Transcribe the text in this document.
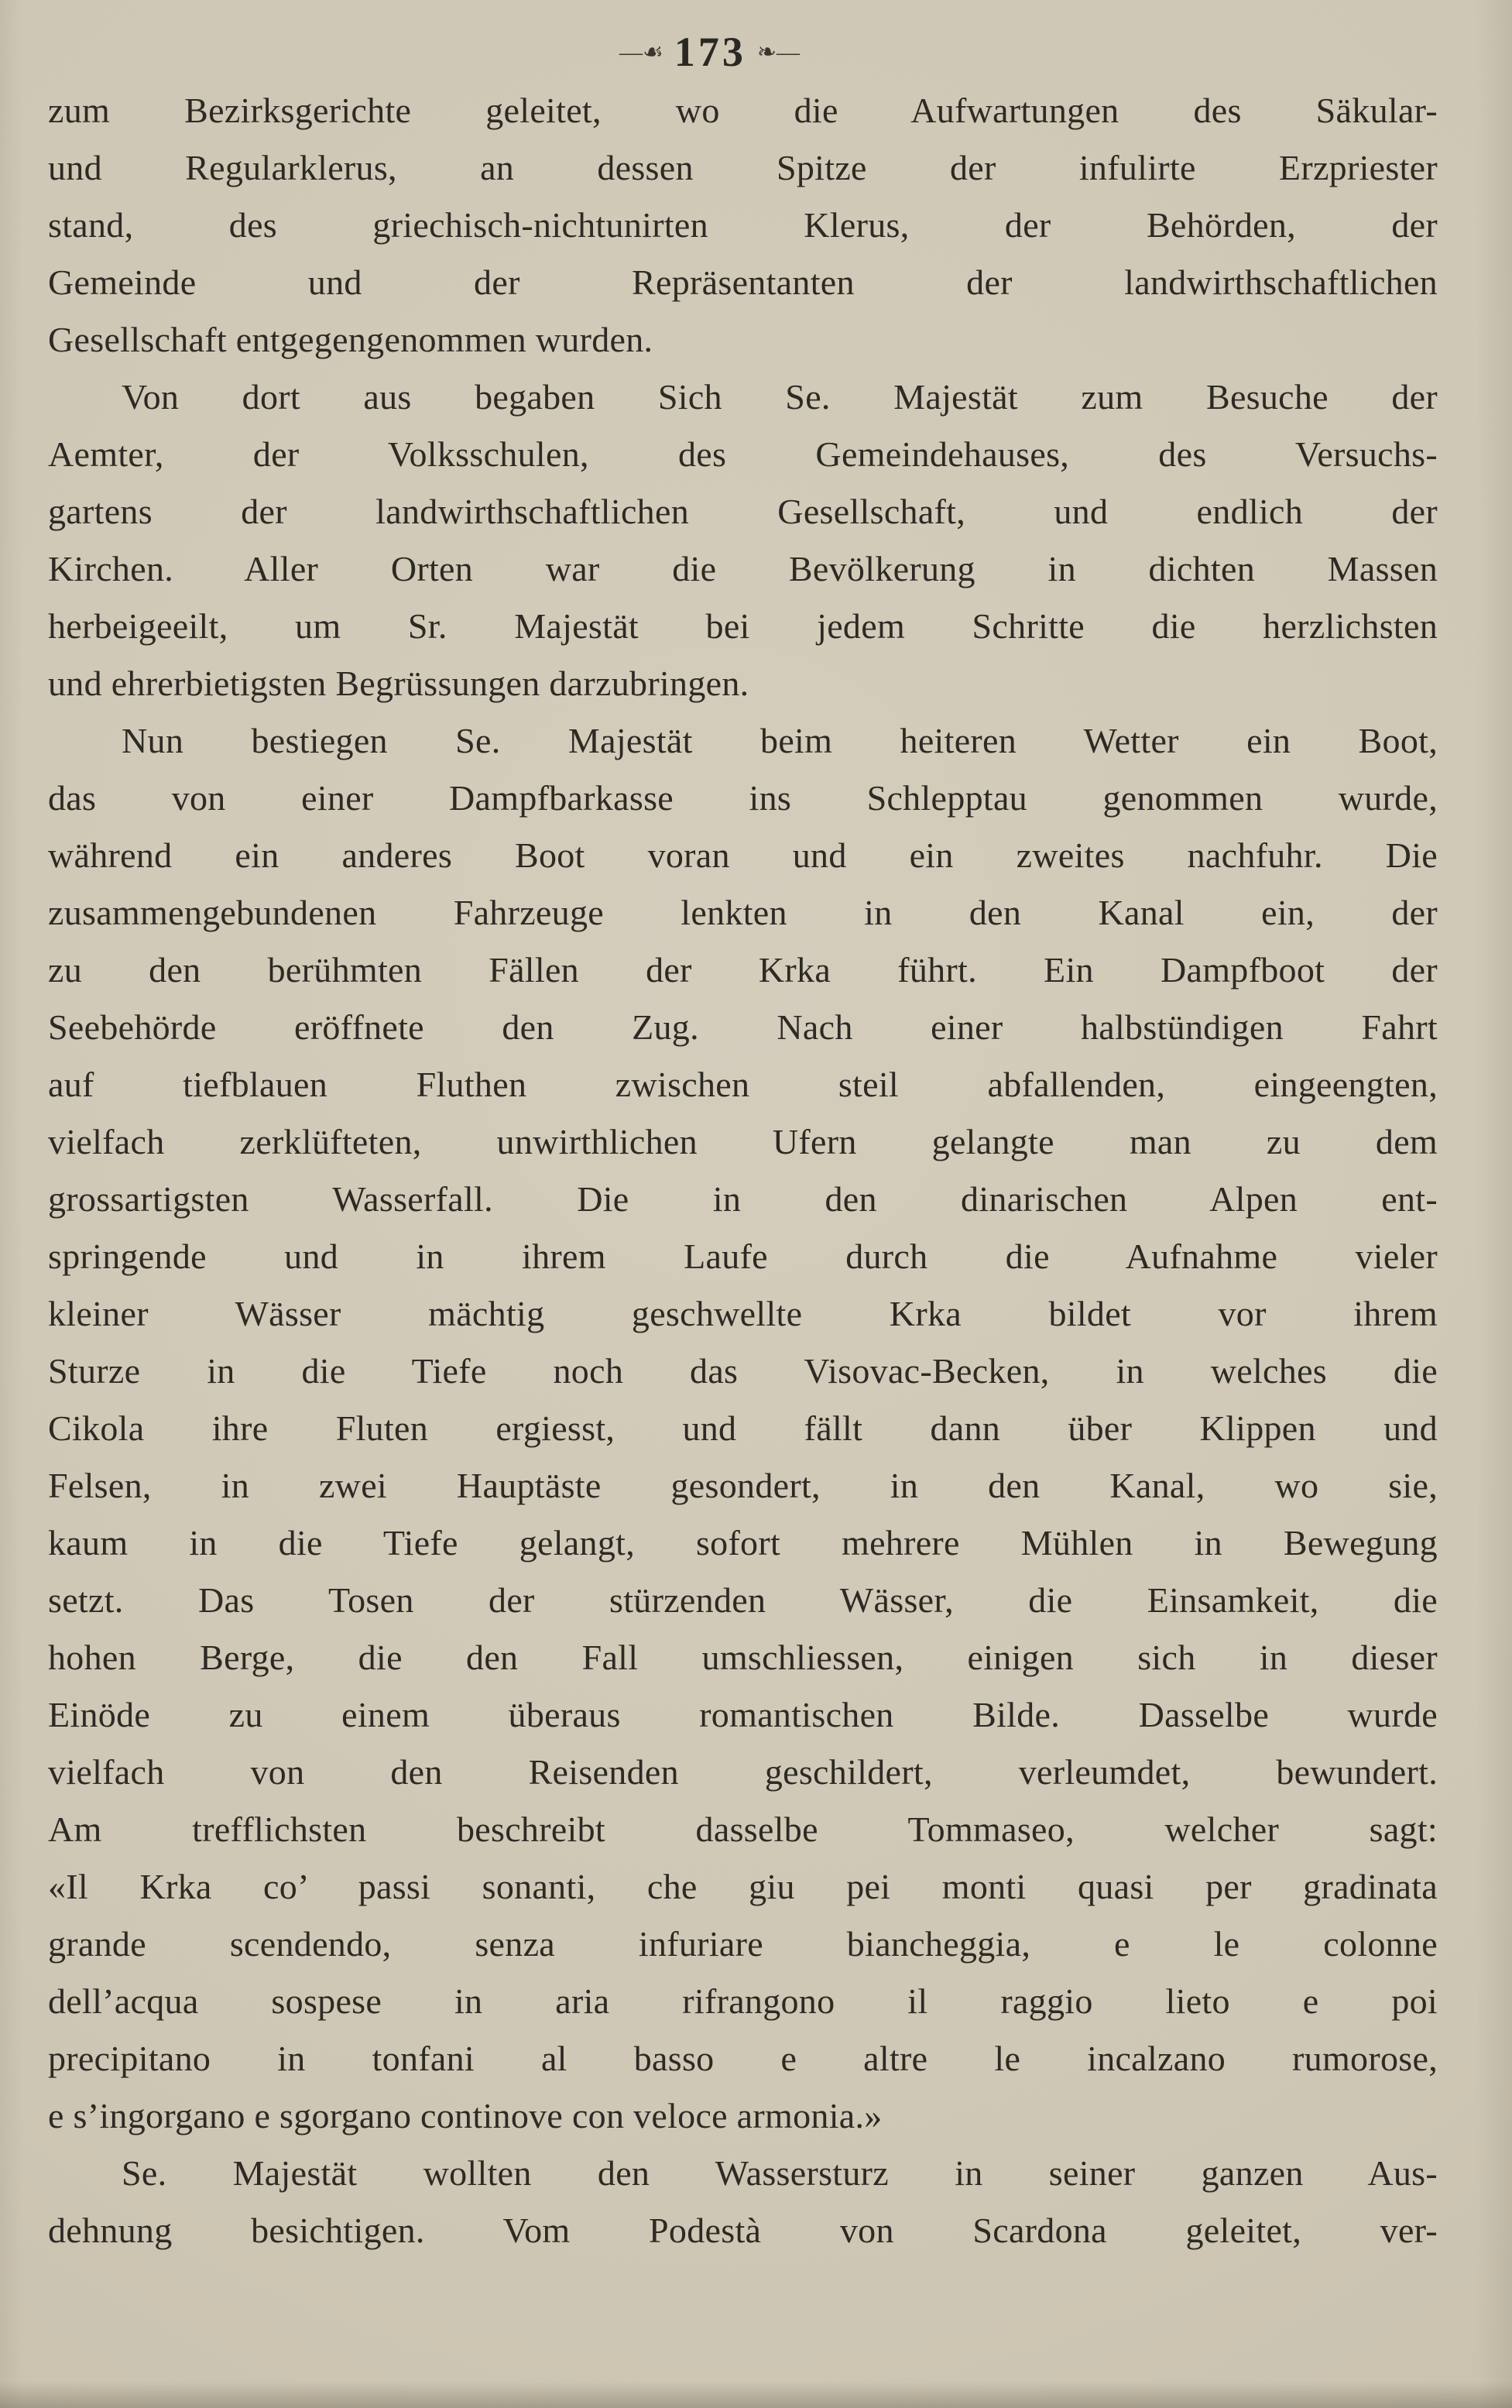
—☙ 173 ❧—

zum Bezirksgerichte geleitet, wo die Aufwartungen des Säkular-
und Regularklerus, an dessen Spitze der infulirte Erzpriester
stand, des griechisch-nichtunirten Klerus, der Behörden, der
Gemeinde und der Repräsentanten der landwirthschaftlichen
Gesellschaft entgegengenommen wurden.

Von dort aus begaben Sich Se. Majestät zum Besuche der
Aemter, der Volksschulen, des Gemeindehauses, des Versuchs-
gartens der landwirthschaftlichen Gesellschaft, und endlich der
Kirchen. Aller Orten war die Bevölkerung in dichten Massen
herbeigeeilt, um Sr. Majestät bei jedem Schritte die herzlichsten
und ehrerbietigsten Begrüssungen darzubringen.

Nun bestiegen Se. Majestät beim heiteren Wetter ein Boot,
das von einer Dampfbarkasse ins Schlepptau genommen wurde,
während ein anderes Boot voran und ein zweites nachfuhr. Die
zusammengebundenen Fahrzeuge lenkten in den Kanal ein, der
zu den berühmten Fällen der Krka führt. Ein Dampfboot der
Seebehörde eröffnete den Zug. Nach einer halbstündigen Fahrt
auf tiefblauen Fluthen zwischen steil abfallenden, eingeengten,
vielfach zerklüfteten, unwirthlichen Ufern gelangte man zu dem
grossartigsten Wasserfall. Die in den dinarischen Alpen ent-
springende und in ihrem Laufe durch die Aufnahme vieler
kleiner Wässer mächtig geschwellte Krka bildet vor ihrem
Sturze in die Tiefe noch das Visovac-Becken, in welches die
Cikola ihre Fluten ergiesst, und fällt dann über Klippen und
Felsen, in zwei Hauptäste gesondert, in den Kanal, wo sie,
kaum in die Tiefe gelangt, sofort mehrere Mühlen in Bewegung
setzt. Das Tosen der stürzenden Wässer, die Einsamkeit, die
hohen Berge, die den Fall umschliessen, einigen sich in dieser
Einöde zu einem überaus romantischen Bilde. Dasselbe wurde
vielfach von den Reisenden geschildert, verleumdet, bewundert.
Am trefflichsten beschreibt dasselbe Tommaseo, welcher sagt:
«Il Krka co’ passi sonanti, che giu pei monti quasi per gradinata
grande scendendo, senza infuriare biancheggia, e le colonne
dell’acqua sospese in aria rifrangono il raggio lieto e poi
precipitano in tonfani al basso e altre le incalzano rumorose,
e s’ingorgano e sgorgano continove con veloce armonia.»

Se. Majestät wollten den Wassersturz in seiner ganzen Aus-
dehnung besichtigen. Vom Podestà von Scardona geleitet, ver-
